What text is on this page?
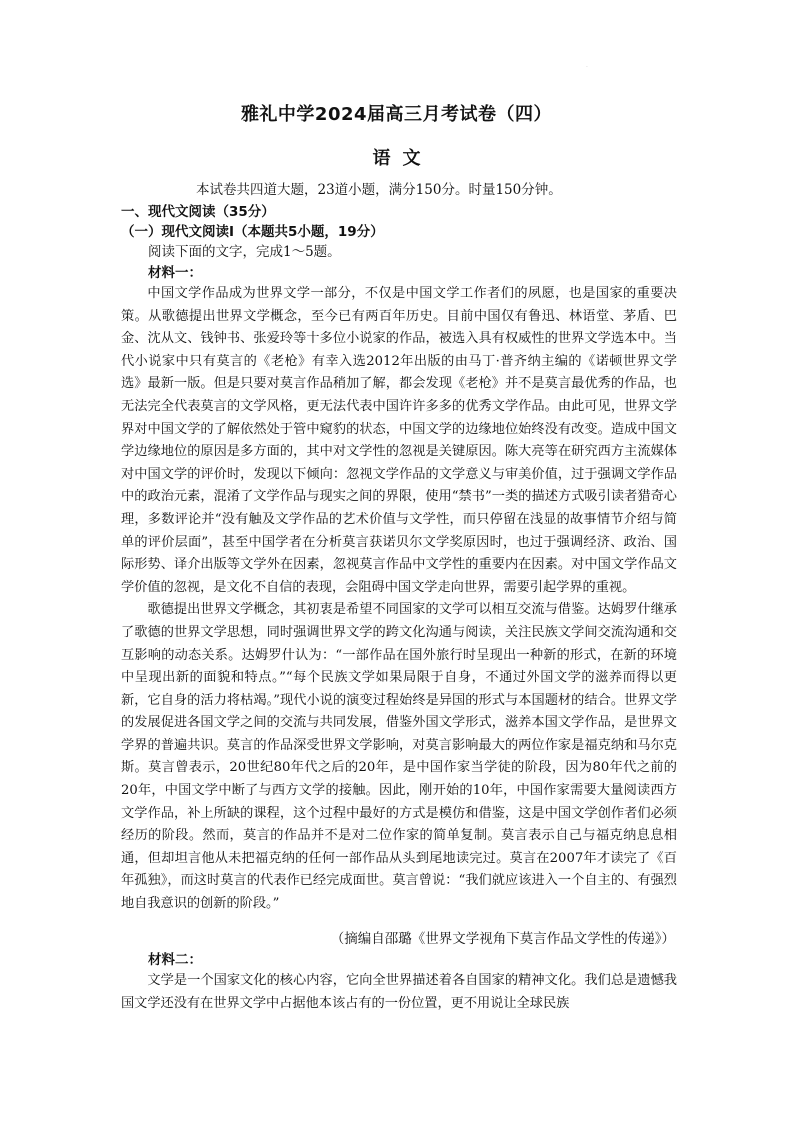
·
雅礼中学2024届高三月考试卷（四）
语文
本试卷共四道大题，23道小题，满分150分。时量150分钟。
一、现代文阅读（35分）
（一）现代文阅读Ⅰ（本题共5小题，19分）
阅读下面的文字，完成1～5题。
材料一：

中国文学作品成为世界文学一部分，不仅是中国文学工作者们的夙愿，也是国家的重要决策。从歌德提出世界文学概念，至今已有两百年历史。目前中国仅有鲁迅、林语堂、茅盾、巴金、沈从文、钱钟书、张爱玲等十多位小说家的作品，被选入具有权威性的世界文学选本中。当代小说家中只有莫言的《老枪》有幸入选2012年出版的由马丁·普齐纳主编的《诺顿世界文学选》最新一版。但是只要对莫言作品稍加了解，都会发现《老枪》并不是莫言最优秀的作品，也无法完全代表莫言的文学风格，更无法代表中国许许多多的优秀文学作品。由此可见，世界文学界对中国文学的了解依然处于管中窥豹的状态，中国文学的边缘地位始终没有改变。造成中国文学边缘地位的原因是多方面的，其中对文学性的忽视是关键原因。陈大亮等在研究西方主流媒体对中国文学的评价时，发现以下倾向：忽视文学作品的文学意义与审美价值，过于强调文学作品中的政治元素，混淆了文学作品与现实之间的界限，使用“禁书”一类的描述方式吸引读者猎奇心理，多数评论并“没有触及文学作品的艺术价值与文学性，而只停留在浅显的故事情节介绍与简单的评价层面”，甚至中国学者在分析莫言获诺贝尔文学奖原因时，也过于强调经济、政治、国际形势、译介出版等文学外在因素，忽视莫言作品中文学性的重要内在因素。对中国文学作品文学价值的忽视，是文化不自信的表现，会阻碍中国文学走向世界，需要引起学界的重视。

歌德提出世界文学概念，其初衷是希望不同国家的文学可以相互交流与借鉴。达姆罗什继承了歌德的世界文学思想，同时强调世界文学的跨文化沟通与阅读，关注民族文学间交流沟通和交互影响的动态关系。达姆罗什认为：“一部作品在国外旅行时呈现出一种新的形式，在新的环境中呈现出新的面貌和特点。”“每个民族文学如果局限于自身，不通过外国文学的滋养而得以更新，它自身的活力将枯竭。”现代小说的演变过程始终是异国的形式与本国题材的结合。世界文学的发展促进各国文学之间的交流与共同发展，借鉴外国文学形式，滋养本国文学作品，是世界文学界的普遍共识。莫言的作品深受世界文学影响，对莫言影响最大的两位作家是福克纳和马尔克斯。莫言曾表示，20世纪80年代之后的20年，是中国作家当学徒的阶段，因为80年代之前的20年，中国文学中断了与西方文学的接触。因此，刚开始的10年，中国作家需要大量阅读西方文学作品，补上所缺的课程，这个过程中最好的方式是模仿和借鉴，这是中国文学创作者们必须经历的阶段。然而，莫言的作品并不是对二位作家的简单复制。莫言表示自己与福克纳息息相通，但却坦言他从未把福克纳的任何一部作品从头到尾地读完过。莫言在2007年才读完了《百年孤独》，而这时莫言的代表作已经完成面世。莫言曾说：“我们就应该进入一个自主的、有强烈地自我意识的创新的阶段。”

（摘编自邵璐《世界文学视角下莫言作品文学性的传递》）
材料二：

文学是一个国家文化的核心内容，它向全世界描述着各自国家的精神文化。我们总是遗憾我国文学还没有在世界文学中占据他本该占有的一份位置，更不用说让全球民族
